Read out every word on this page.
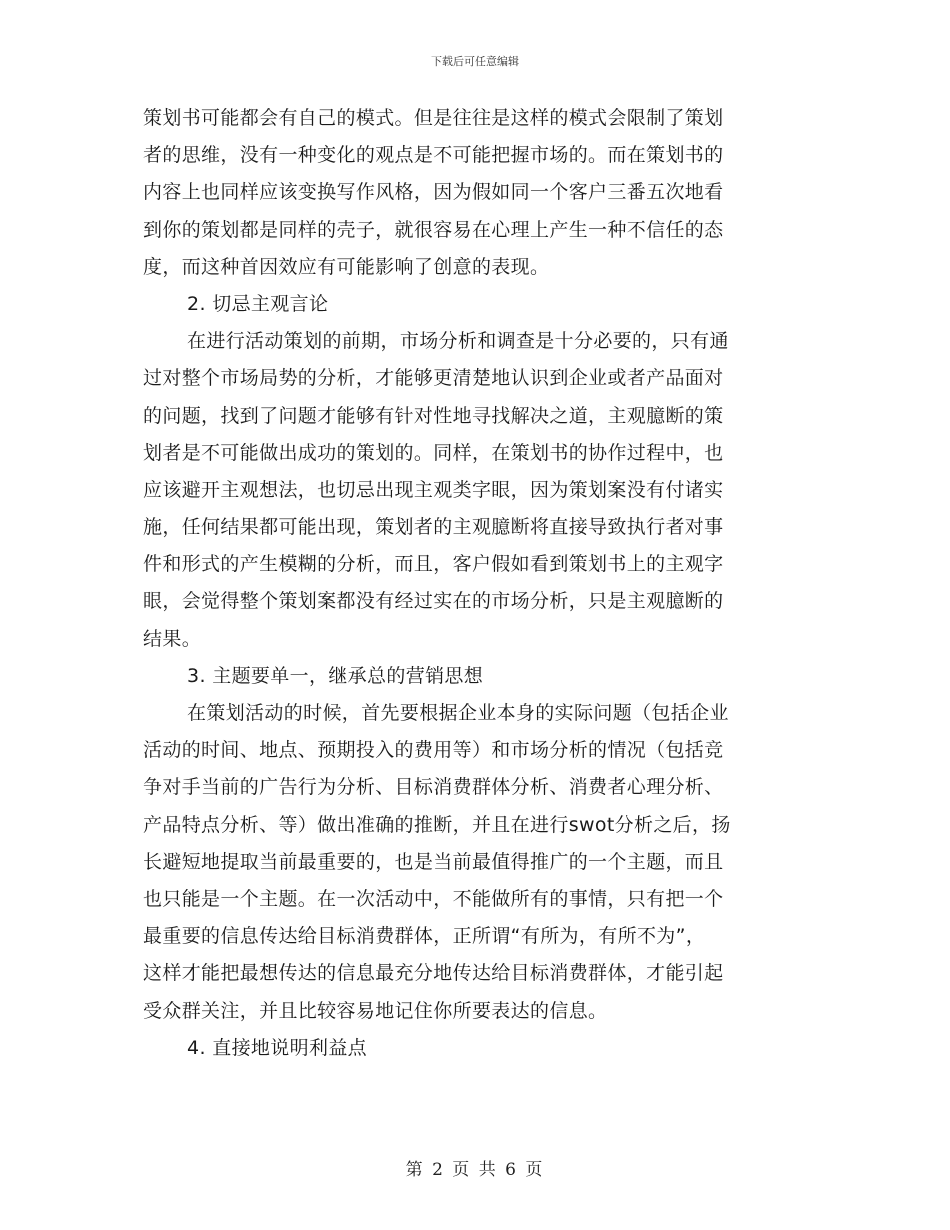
下载后可任意编辑
策划书可能都会有自己的模式。但是往往是这样的模式会限制了策划
者的思维，没有一种变化的观点是不可能把握市场的。而在策划书的
内容上也同样应该变换写作风格，因为假如同一个客户三番五次地看
到你的策划都是同样的壳子，就很容易在心理上产生一种不信任的态
度，而这种首因效应有可能影响了创意的表现。
2. 切忌主观言论
在进行活动策划的前期，市场分析和调查是十分必要的，只有通
过对整个市场局势的分析，才能够更清楚地认识到企业或者产品面对
的问题，找到了问题才能够有针对性地寻找解决之道，主观臆断的策
划者是不可能做出成功的策划的。同样，在策划书的协作过程中，也
应该避开主观想法，也切忌出现主观类字眼，因为策划案没有付诸实
施，任何结果都可能出现，策划者的主观臆断将直接导致执行者对事
件和形式的产生模糊的分析，而且，客户假如看到策划书上的主观字
眼，会觉得整个策划案都没有经过实在的市场分析，只是主观臆断的
结果。
3. 主题要单一，继承总的营销思想
在策划活动的时候，首先要根据企业本身的实际问题（包括企业
活动的时间、地点、预期投入的费用等）和市场分析的情况（包括竞
争对手当前的广告行为分析、目标消费群体分析、消费者心理分析、
产品特点分析、等）做出准确的推断，并且在进行swot分析之后，扬
长避短地提取当前最重要的，也是当前最值得推广的一个主题，而且
也只能是一个主题。在一次活动中，不能做所有的事情，只有把一个
最重要的信息传达给目标消费群体，正所谓“有所为，有所不为”，
这样才能把最想传达的信息最充分地传达给目标消费群体，才能引起
受众群关注，并且比较容易地记住你所要表达的信息。
4. 直接地说明利益点
第 2 页 共 6 页
